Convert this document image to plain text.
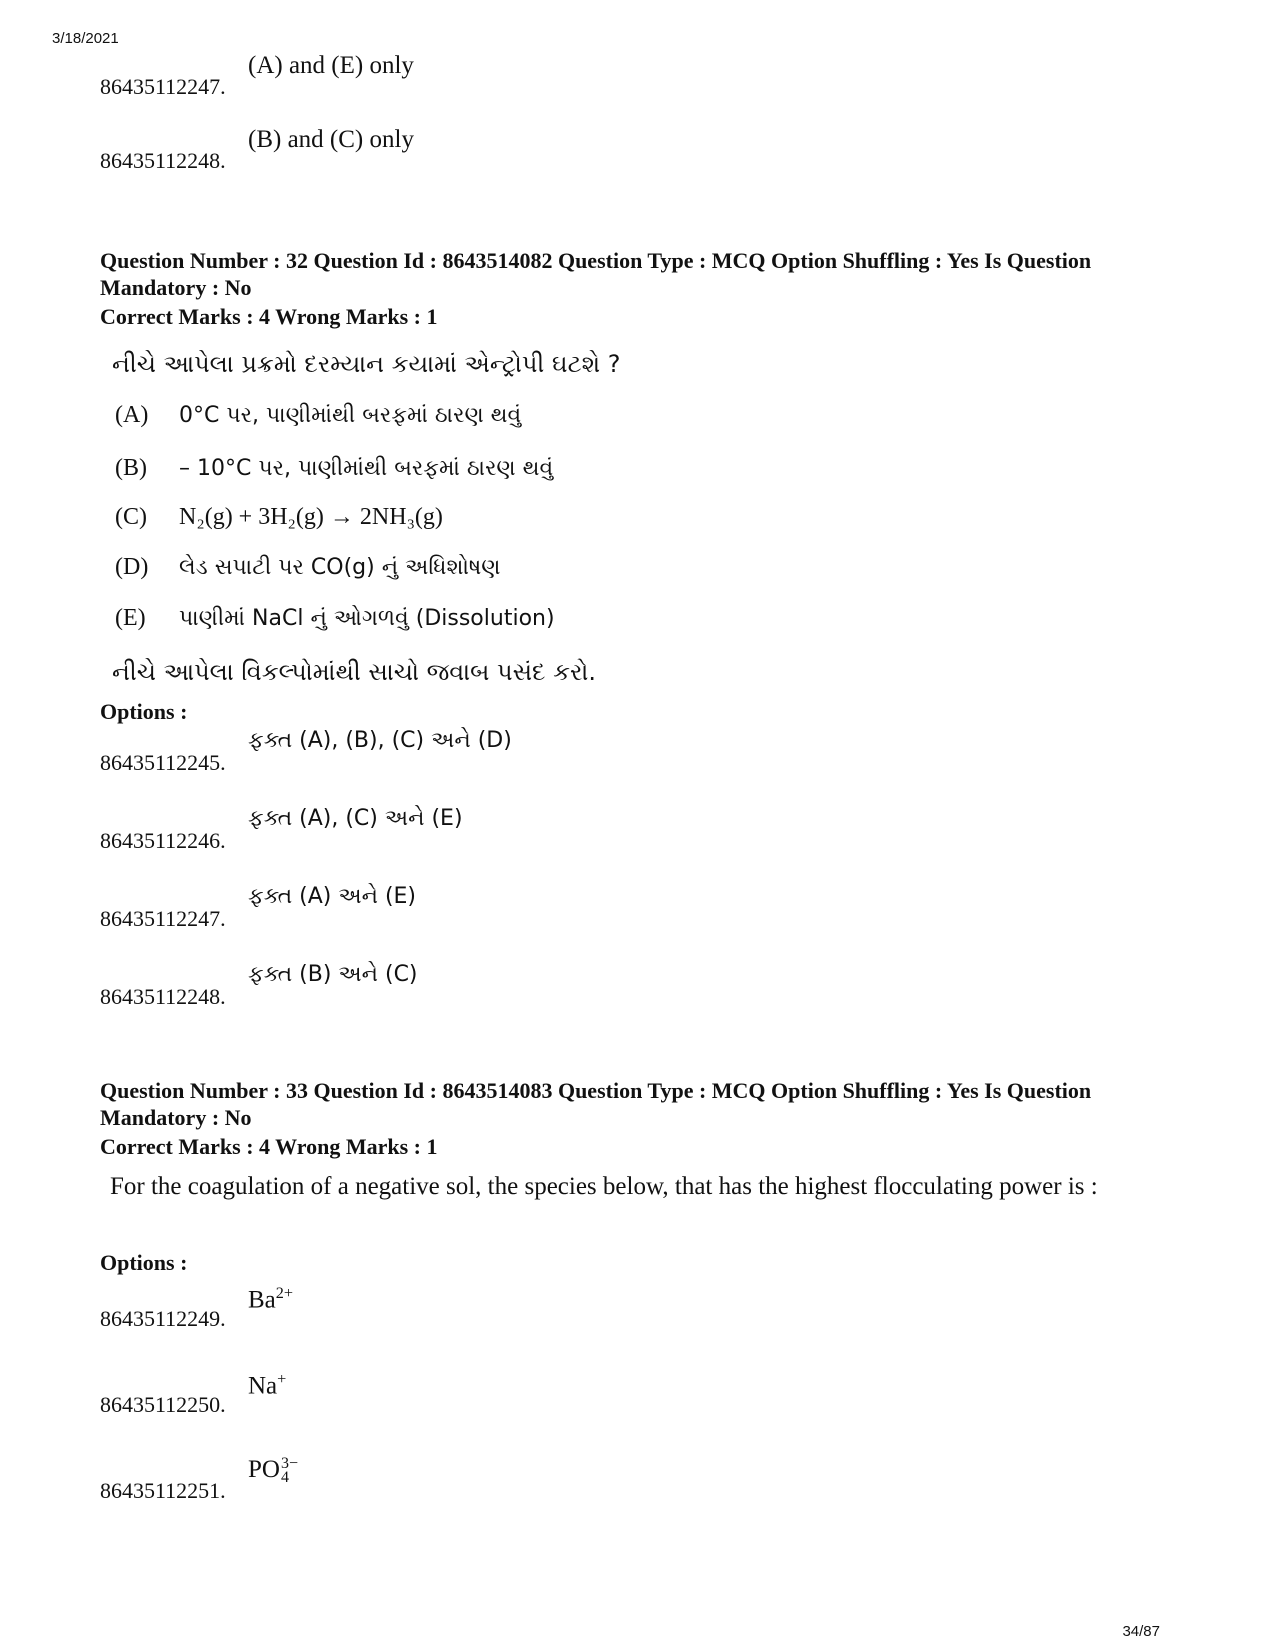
3/18/2021
86435112247.
(A) and (E) only
86435112248.
(B) and (C) only
Question Number : 32 Question Id : 8643514082 Question Type : MCQ Option Shuffling : Yes Is Question Mandatory : No
Correct Marks : 4 Wrong Marks : 1
નીચે આપેલા પ્રક્રમો દરમ્યાન કયામાં એન્ટ્રોપી ઘટશે ?
(A) 0°C પર, પાણીમાંથી બરફમાં ઠારણ થવું
(B) – 10°C પર, પાણીમાંથી બરફમાં ઠારણ થવું
(C) N₂(g) + 3H₂(g) → 2NH₃(g)
(D) લેડ સપાટી પર CO(g) નું અધિશોષણ
(E) પાણીમાં NaCl નું ઓગળવું (Dissolution)
નીચે આપેલા વિકલ્પોમાંથી સાચો જવાબ પસંદ કરો.
Options :
86435112245.
ફક્ત (A), (B), (C) અને (D)
86435112246.
ફક્ત (A), (C) અને (E)
86435112247.
ફક્ત (A) અને (E)
86435112248.
ફક્ત (B) અને (C)
Question Number : 33 Question Id : 8643514083 Question Type : MCQ Option Shuffling : Yes Is Question Mandatory : No
Correct Marks : 4 Wrong Marks : 1
For the coagulation of a negative sol, the species below, that has the highest flocculating power is :
Options :
86435112249.
$Ba^{2+}$
86435112250.
Na+
86435112251.
PO3−
4
34/87
